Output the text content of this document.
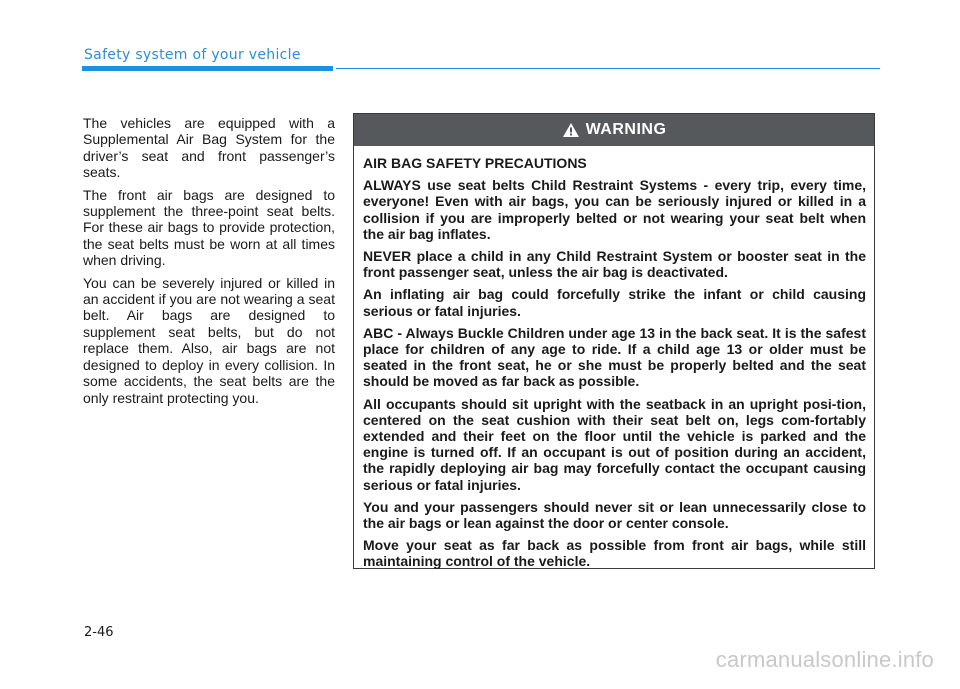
Safety system of your vehicle

The vehicles are equipped with a Supplemental Air Bag System for the driver’s seat and front passenger’s seats.

The front air bags are designed to supplement the three-point seat belts. For these air bags to provide protection, the seat belts must be worn at all times when driving.

You can be severely injured or killed in an accident if you are not wearing a seat belt. Air bags are designed to supplement seat belts, but do not replace them. Also, air bags are not designed to deploy in every collision. In some accidents, the seat belts are the only restraint protecting you.

WARNING

AIR BAG SAFETY PRECAUTIONS

ALWAYS use seat belts Child Restraint Systems - every trip, every time, everyone! Even with air bags, you can be seriously injured or killed in a collision if you are improperly belted or not wearing your seat belt when the air bag inflates.

NEVER place a child in any Child Restraint System or booster seat in the front passenger seat, unless the air bag is deactivated.

An inflating air bag could forcefully strike the infant or child causing serious or fatal injuries.

ABC - Always Buckle Children under age 13 in the back seat. It is the safest place for children of any age to ride. If a child age 13 or older must be seated in the front seat, he or she must be properly belted and the seat should be moved as far back as possible.

All occupants should sit upright with the seatback in an upright posi-tion, centered on the seat cushion with their seat belt on, legs com-fortably extended and their feet on the floor until the vehicle is parked and the engine is turned off. If an occupant is out of position during an accident, the rapidly deploying air bag may forcefully contact the occupant causing serious or fatal injuries.

You and your passengers should never sit or lean unnecessarily close to the air bags or lean against the door or center console.

Move your seat as far back as possible from front air bags, while still maintaining control of the vehicle.

2-46
carmanualsonline.info
